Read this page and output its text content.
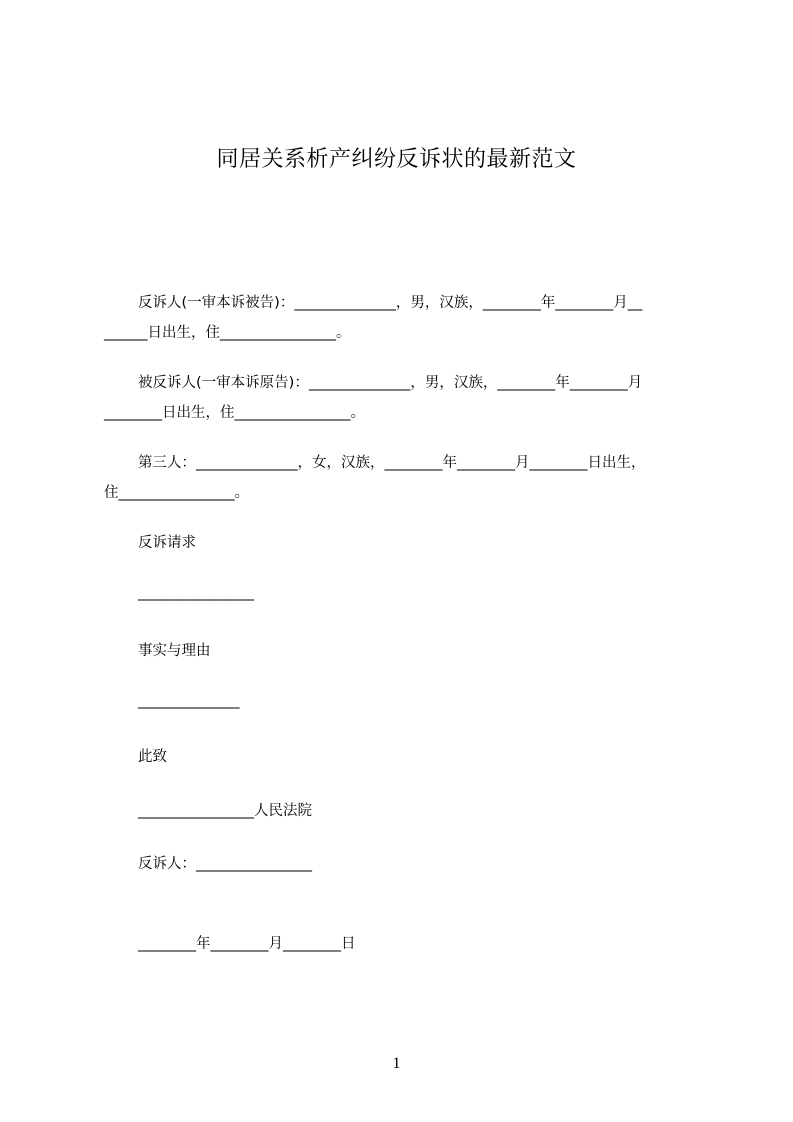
同居关系析产纠纷反诉状的最新范文
反诉人(一审本诉被告)：______________，男，汉族，________年________月__
______日出生，住________________。
被反诉人(一审本诉原告)：______________，男，汉族，________年________月
________日出生，住________________。
第三人：______________，女，汉族，________年________月________日出生，
住________________。
反诉请求
________________
事实与理由
______________
此致
________________人民法院
反诉人：________________
________年________月________日
1
